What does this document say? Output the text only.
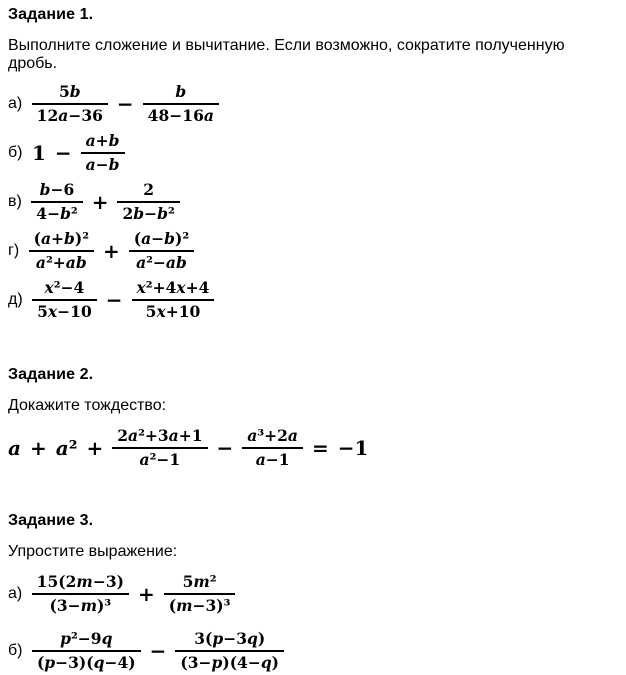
Задание 1.
Выполните сложение и вычитание. Если возможно, сократите полученную дробь.
$а) \frac{5b}{12a-36} - \frac{b}{48-16a}$
б) $1 - \frac{a+b}{a-b}$
$в) \frac{b-6}{\text{4−b²}} + \frac{2}{\text{2b−b²}}$
$г) \frac{\text{(a+b)²}}{\text{a²+ab}} + \frac{\text{(a−b)²}}{\text{a²−ab}}$
$д) \frac{\text{x²−4}}{5x-10} - \frac{\text{x²+4x+4}}{5x+10}$
Задание 2.
Докажите тождество:
$a + a^2 + \frac{\text{2a²+3a+1}}{\text{a²−1}} - \frac{\text{a³+2a}}{a-1} = -1$
Задание 3.
Упростите выражение:
$а) \frac{15(2m-3)}{\text{(3−m)³}} + \frac{\text{5m²}}{\text{(m−3)³}}$
$б) \frac{\text{p²−9q}}{(p-3)(q-4)} - \frac{3(p-3q)}{(3-p)(4-q)}$
